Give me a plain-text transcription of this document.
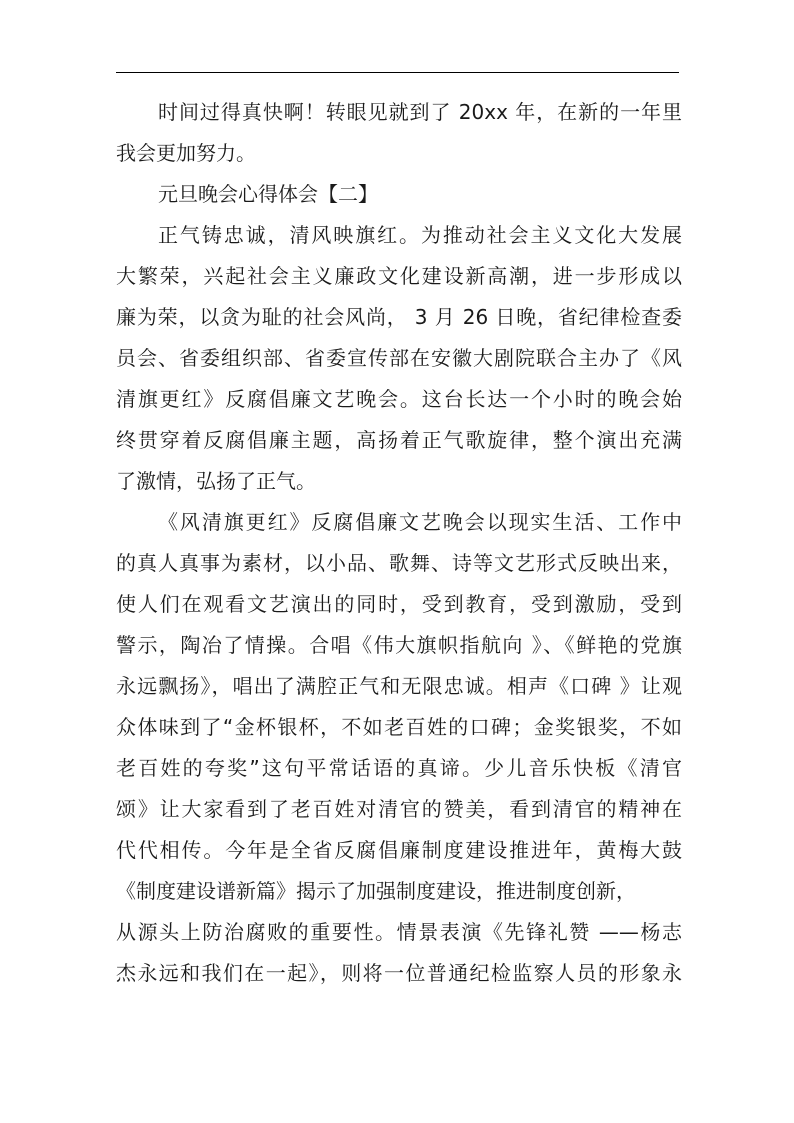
时间过得真快啊！转眼见就到了 20xx 年，在新的一年里
我会更加努力。

元旦晚会心得体会【二】

正气铸忠诚，清风映旗红。为推动社会主义文化大发展
大繁荣，兴起社会主义廉政文化建设新高潮，进一步形成以
廉为荣，以贪为耻的社会风尚， 3 月 26 日晚，省纪律检查委
员会、省委组织部、省委宣传部在安徽大剧院联合主办了《风
清旗更红》反腐倡廉文艺晚会。这台长达一个小时的晚会始
终贯穿着反腐倡廉主题，高扬着正气歌旋律，整个演出充满
了激情，弘扬了正气。

《风清旗更红》反腐倡廉文艺晚会以现实生活、工作中
的真人真事为素材，以小品、歌舞、诗等文艺形式反映出来，
使人们在观看文艺演出的同时，受到教育，受到激励，受到
警示，陶冶了情操。合唱《伟大旗帜指航向 》、《鲜艳的党旗
永远飘扬》，唱出了满腔正气和无限忠诚。相声《口碑 》让观
众体味到了“金杯银杯，不如老百姓的口碑；金奖银奖，不如
老百姓的夸奖”这句平常话语的真谛。少儿音乐快板《清官
颂》让大家看到了老百姓对清官的赞美，看到清官的精神在
代代相传。今年是全省反腐倡廉制度建设推进年，黄梅大鼓
《制度建设谱新篇》揭示了加强制度建设，推进制度创新，
从源头上防治腐败的重要性。情景表演《先锋礼赞 ——杨志
杰永远和我们在一起》，则将一位普通纪检监察人员的形象永
